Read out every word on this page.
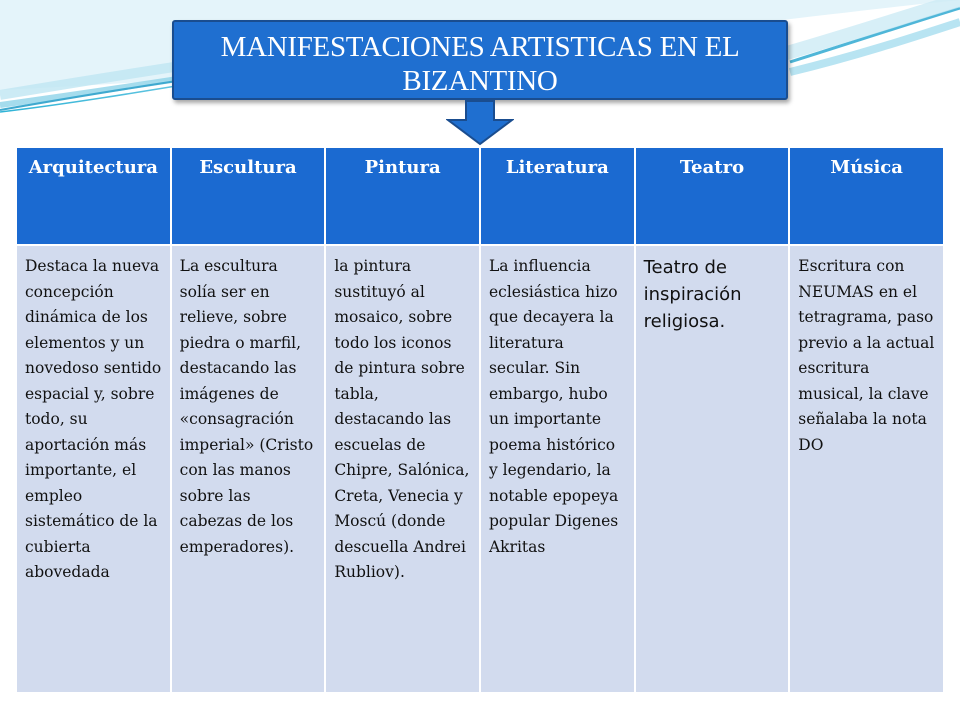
MANIFESTACIONES ARTISTICAS EN EL BIZANTINO
Arquitectura	Escultura	Pintura	Literatura	Teatro	Música
Destaca la nueva concepción dinámica de los elementos y un novedoso sentido espacial y, sobre todo, su aportación más importante, el empleo sistemático de la cubierta abovedada	La escultura solía ser en relieve, sobre piedra o marfil, destacando las imágenes de «consagración imperial» (Cristo con las manos sobre las cabezas de los emperadores).	la pintura sustituyó al mosaico, sobre todo los iconos de pintura sobre tabla, destacando las escuelas de Chipre, Salónica, Creta, Venecia y Moscú (donde descuella Andrei Rubliov).	La influencia eclesiástica hizo que decayera la literatura secular. Sin embargo, hubo un importante poema histórico y legendario, la notable epopeya popular Digenes Akritas	Teatro de inspiración religiosa.	Escritura con NEUMAS en el tetragrama, paso previo a la actual escritura musical, la clave señalaba la nota DO
